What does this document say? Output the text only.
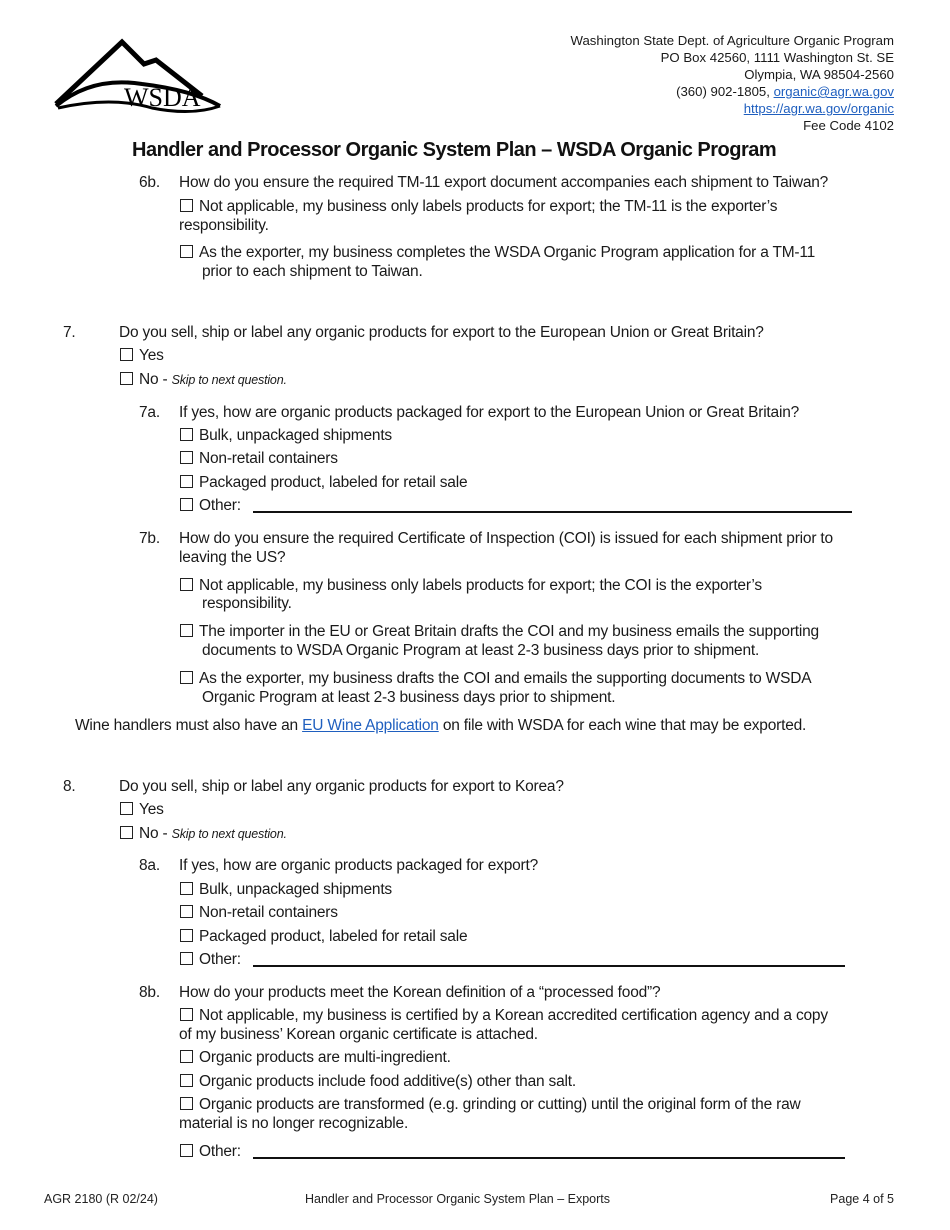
WSDA
Washington State Dept. of Agriculture Organic Program
PO Box 42560, 1111 Washington St. SE
Olympia, WA 98504-2560
(360) 902-1805, organic@agr.wa.gov
https://agr.wa.gov/organic
Fee Code 4102
Handler and Processor Organic System Plan – WSDA Organic Program
6b. How do you ensure the required TM-11 export document accompanies each shipment to Taiwan?
Not applicable, my business only labels products for export; the TM-11 is the exporter’s
responsibility.
As the exporter, my business completes the WSDA Organic Program application for a TM-11
prior to each shipment to Taiwan.
7.	Do you sell, ship or label any organic products for export to the European Union or Great Britain?
Yes
No - Skip to next question.
7a. If yes, how are organic products packaged for export to the European Union or Great Britain?
Bulk, unpackaged shipments
Non-retail containers
Packaged product, labeled for retail sale
Other:
7b. How do you ensure the required Certificate of Inspection (COI) is issued for each shipment prior to
leaving the US?
Not applicable, my business only labels products for export; the COI is the exporter’s
responsibility.
The importer in the EU or Great Britain drafts the COI and my business emails the supporting
documents to WSDA Organic Program at least 2-3 business days prior to shipment.
As the exporter, my business drafts the COI and emails the supporting documents to WSDA
Organic Program at least 2-3 business days prior to shipment.
Wine handlers must also have an EU Wine Application on file with WSDA for each wine that may be exported.
8.	Do you sell, ship or label any organic products for export to Korea?
Yes
No - Skip to next question.
8a. If yes, how are organic products packaged for export?
Bulk, unpackaged shipments
Non-retail containers
Packaged product, labeled for retail sale
Other:
8b. How do your products meet the Korean definition of a “processed food”?
Not applicable, my business is certified by a Korean accredited certification agency and a copy
of my business’ Korean organic certificate is attached.
Organic products are multi-ingredient.
Organic products include food additive(s) other than salt.
Organic products are transformed (e.g. grinding or cutting) until the original form of the raw
material is no longer recognizable.
Other:
AGR 2180 (R 02/24)	Handler and Processor Organic System Plan – Exports	Page 4 of 5
